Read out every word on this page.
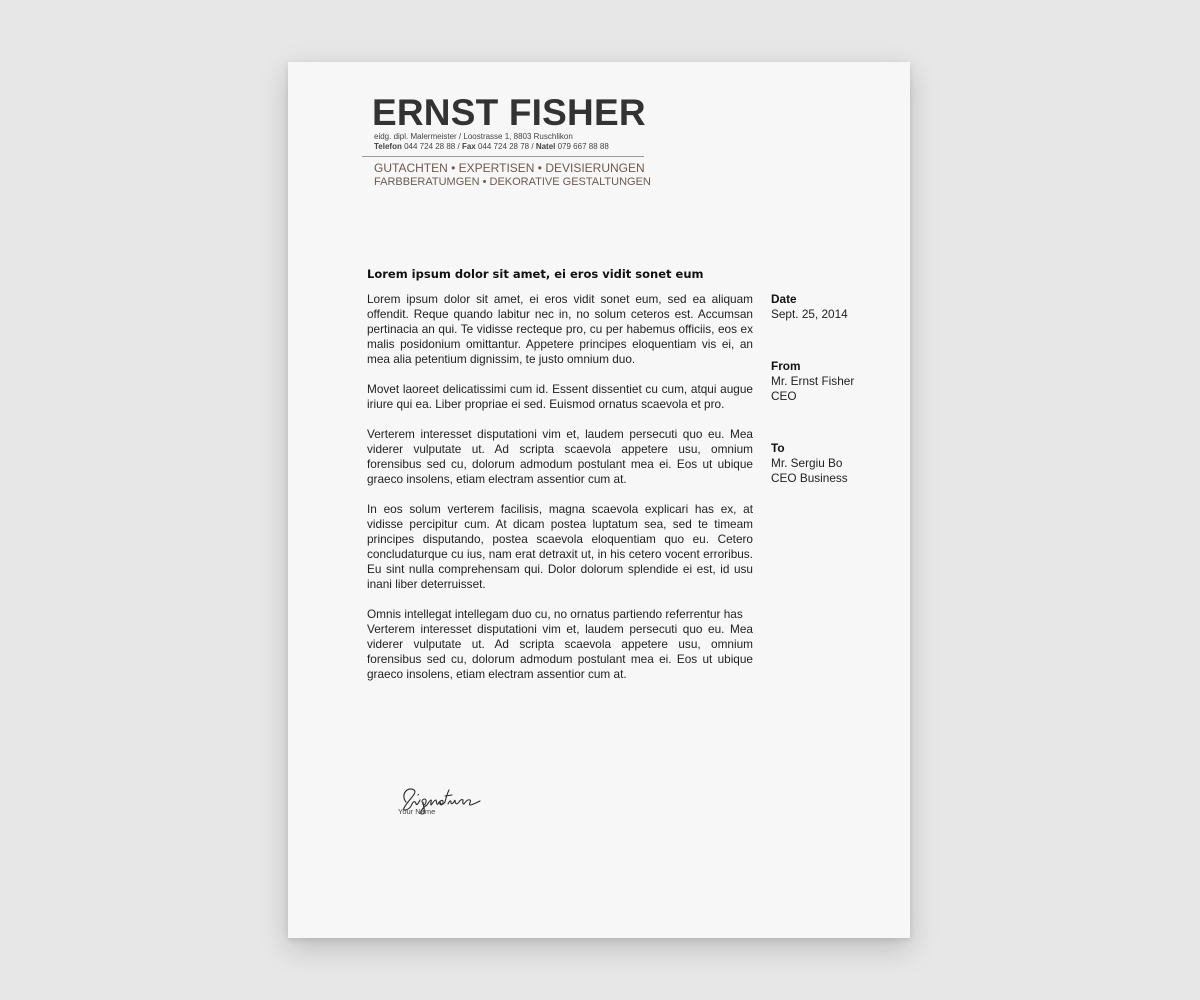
ERNST FISHER
eidg. dipl. Malermeister / Loostrasse 1, 8803 Ruschlikon
Telefon 044 724 28 88 / Fax 044 724 28 78 / Natel 079 667 88 88
GUTACHTEN • EXPERTISEN • DEVISIERUNGEN
FARBBERATUMGEN • DEKORATIVE GESTALTUNGEN
Lorem ipsum dolor sit amet, ei eros vidit sonet eum

Lorem ipsum dolor sit amet, ei eros vidit sonet eum, sed ea aliquam offendit. Reque quando labitur nec in, no solum ceteros est. Accumsan pertinacia an qui. Te vidisse recteque pro, cu per habemus officiis, eos ex malis posidonium omittantur. Appetere principes eloquentiam vis ei, an mea alia petentium dignissim, te justo omnium duo.

Movet laoreet delicatissimi cum id. Essent dissentiet cu cum, atqui augue iriure qui ea. Liber propriae ei sed. Euismod ornatus scaevola et pro.

Verterem interesset disputationi vim et, laudem persecuti quo eu. Mea viderer vulputate ut. Ad scripta scaevola appetere usu, omnium forensibus sed cu, dolorum admodum postulant mea ei. Eos ut ubique graeco insolens, etiam electram assentior cum at.

In eos solum verterem facilisis, magna scaevola explicari has ex, at vidisse percipitur cum. At dicam postea luptatum sea, sed te timeam principes disputando, postea scaevola eloquentiam quo eu. Cetero concludaturque cu ius, nam erat detraxit ut, in his cetero vocent erroribus. Eu sint nulla comprehensam qui. Dolor dolorum splendide ei est, id usu inani liber deterruisset.

Omnis intellegat intellegam duo cu, no ornatus partiendo referrentur has

Verterem interesset disputationi vim et, laudem persecuti quo eu. Mea viderer vulputate ut. Ad scripta scaevola appetere usu, omnium forensibus sed cu, dolorum admodum postulant mea ei. Eos ut ubique graeco insolens, etiam electram assentior cum at.

Date
Sept. 25, 2014
From
Mr. Ernst Fisher
CEO
To
Mr. Sergiu Bo
CEO Business
Your Name
